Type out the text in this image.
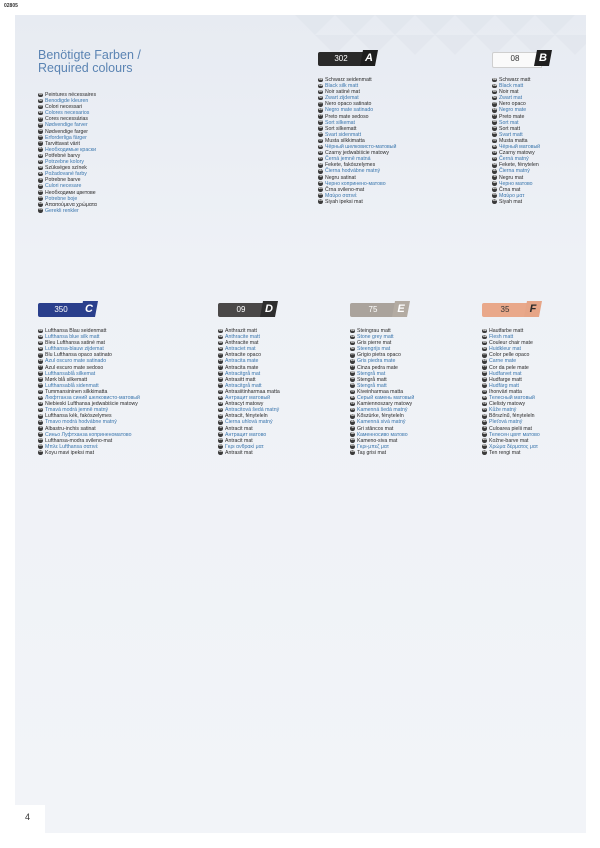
02805
Benötigte Farben /
Required colours
FR Peintures nécessaires
NL Benodigde kleuren
IT Colori necessari
ES Colores necesarios
PT Cores necessárias
DK Nødvendige farver
SE Nødvendige farger
NO Erforderliga färger
FI Tarvittavat värit
RU Необходимые краски
CZ Potřebné barvy
PL Potrzebne kolory
SK Szükséges színek
HU Požadované farby
SI Potrebne barve
HR Culori necesare
BG Необходими цветове
RO Potrebne boje
GR Απαιτούμενα χρώματα
TR Gerekli renkler
302	A
DE Schwarz seidenmatt
GB Black silk matt
FR Noir satiné mat
NL Zwart zijdemat
IT Nero opaco satinato
ES Negro mate satinado
PT Preto mate sedoso
DK Sort silkemat
SE Sort silkematt
NO Svart sidenmatt
FI Musta silkkimatta
RU Чёрный шелковисто-матовый
CZ Czarny jedwabiście matowy
PL Černá jemně matná
SK Fekete, fakószelymes
HU Čierna hodvábne matný
SI Negru satinat
HR Черно копринено-матово
BG Črna svileno-mat
RO Μαύρο σατινέ
GR Siyah ipeksi mat
08	B
DE Schwarz matt
GB Black matt
FR Noir mat
NL Zwart mat
IT Nero opaco
ES Negro mate
PT Preto mate
DK Sort mat
SE Sort matt
NO Svart matt
FI Musta matta
RU Чёрный матовый
CZ Czarny matowy
PL Černá matný
SK Fekete, fénytelen
HU Čierna matný
SI Negru mat
HR Черно матово
BG Črna mat
RO Μαύρο ματ
GR Siyah mat
350	C
DE Lufthansa Blau seidenmatt
GB Lufthansa blue silk matt
FR Bleu Lufthansa satiné mat
NL Lufthansa-blauw zijdemat
IT Blu Lufthansa opaco satinato
ES Azul oscuro mate satinado
PT Azul escuro mate sedoso
DK Lufthansablå silkemat
SE Mørk blå silkematt
NO Lufthansablå sidenmatt
FI Tummansininen silkkimatta
RU Люфтганза синий шелковисто-матовый
CZ Niebieski Lufthansa jedwabiście matowy
PL Tmavá modrá jemně matný
SK Lufthansa kék, fakószelymes
HU Tmavo modrá hodvábne matný
SI Albastru-inchis satinat
HR Синьо Луфтханза коприненоматово
BG Lufthansa-modra svileno-mat
RO Μπλε Lufthansa σατινέ
GR Koyu mavi ipeksi mat
09	D
DE Anthrazit matt
GB Anthracite matt
FR Anthracite mat
NL Antraciet mat
IT Antracite opaco
ES Antracita mate
PT Antracita mate
DK Antracitgrå mat
SE Antrasitt matt
NO Antracitgrå matt
FI Antrasiitinharmaa matta
RU Антрацит матовый
CZ Antracyt matowy
PL Antracitová šedá matný
SK Antracit, fényteleln
HU Čierna uhlová matný
SI Antracit mat
HR Антрацит матово
BG Antracit mat
RO Γκρι ανθρακί ματ
GR Antrasit mat
75	E
DE Steingrau matt
GB Stone grey matt
FR Gris pierre mat
NL Steengrijs mat
IT Grigio pietra opaco
ES Gris piedra mate
PT Cinza pedra mate
DK Stengrå mat
SE Stengrå matt
NO Stengrå matt
FI Kiveinharmaa matta
RU Серый камень матовый
CZ Kamiennoszary matowy
PL Kamenná šedá matný
SK Kőszürke, fényteleln
HU Kamenná sivá matný
SI Gri stâncos mat
HR Каменносиво матово
BG Kameno-siva mat
RO Γκρι-μπεζ ματ
GR Taş grisi mat
35	F
DE Hautfarbe matt
GB Flesh matt
FR Couleur chair mate
NL Huidkleur mat
IT Color pelle opaco
ES Carne mate
PT Cor da pele mate
DK Hudfarvet mat
SE Hudfarge matt
NO Hudfärg matt
FI Ihonväri matta
RU Телесный матовый
CZ Cielisty matowy
PL Kůže matný
SK Bőrszínű, fényteleln
HU Pleťová matný
SI Culoarea pielii mat
HR Телесен цвят матово
BG Kožne-barve mat
RO Χρώμα δέρματος ματ
GR Ten rengi mat
4
